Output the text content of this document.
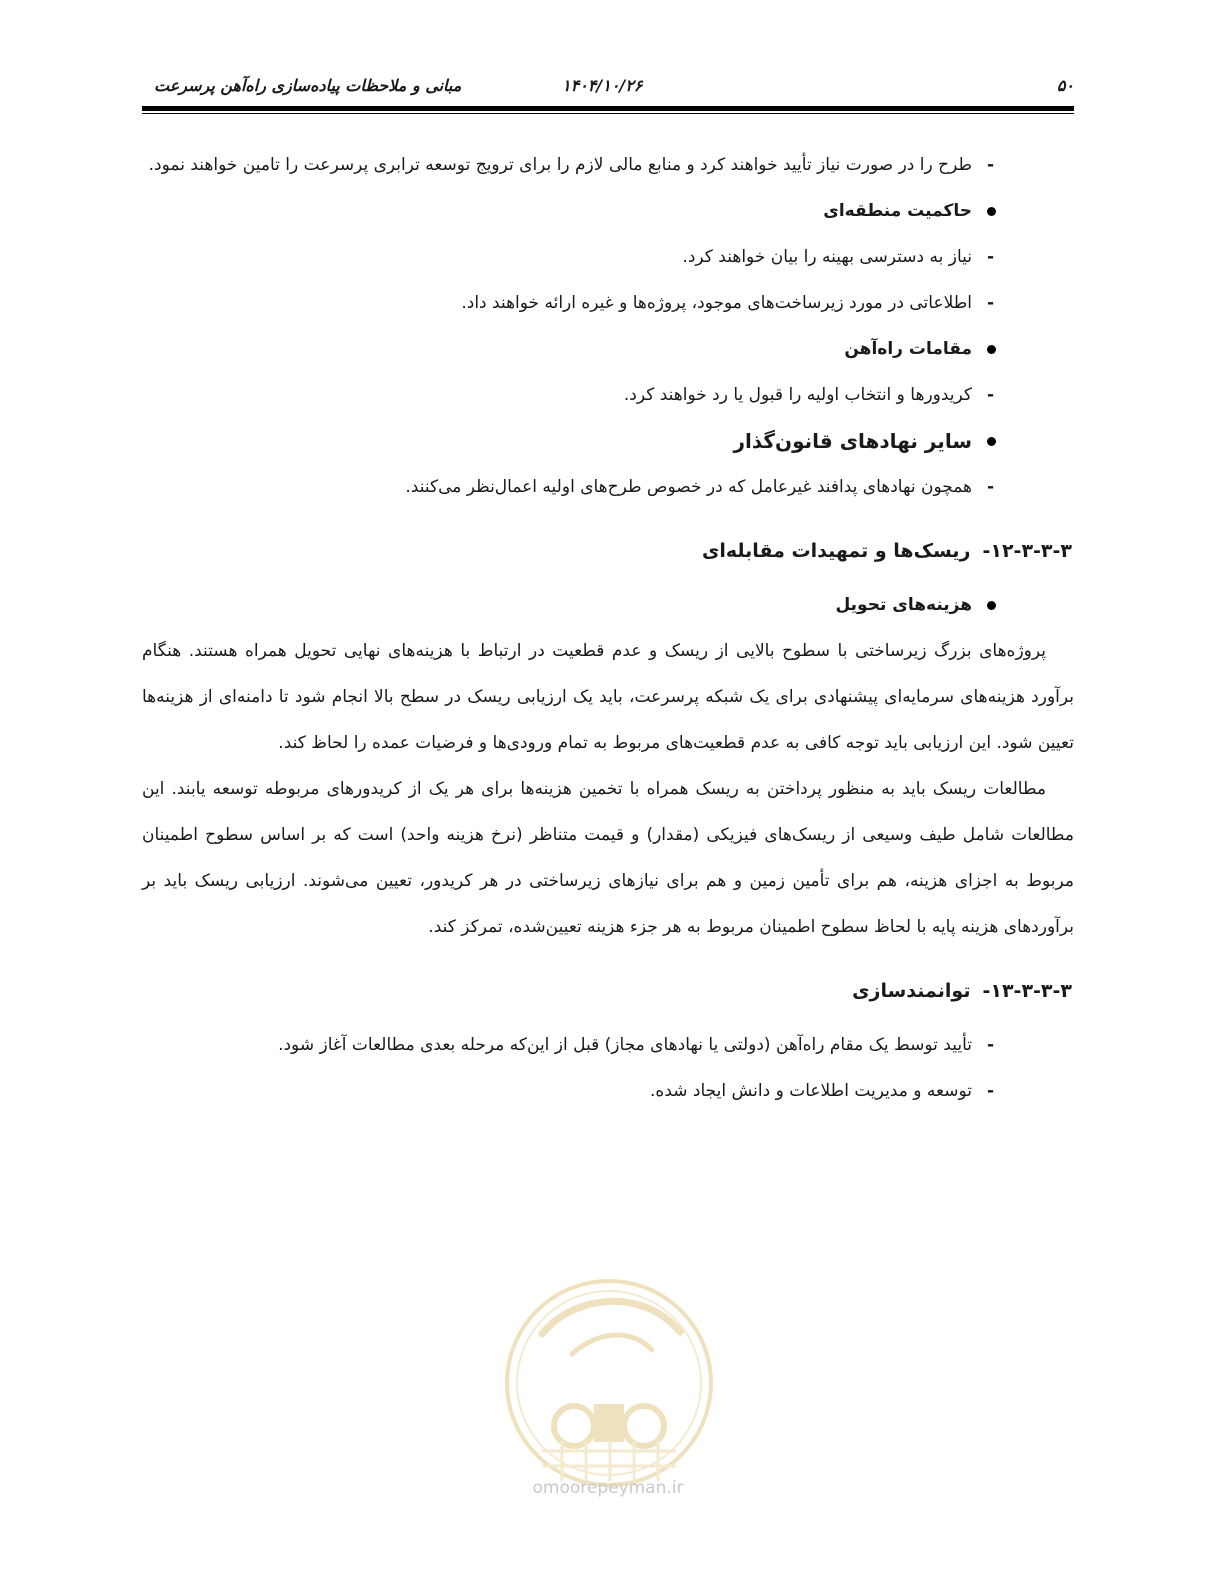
۵۰
۱۴۰۴/۱۰/۲۶
مبانی و ملاحظات پیاده‌سازی راه‌آهن پرسرعت

- طرح را در صورت نیاز تأیید خواهند کرد و منابع مالی لازم را برای ترویج توسعه ترابری پرسرعت را تامین خواهند نمود.

حاکمیت منطقه‌ای

- نیاز به دسترسی بهینه را بیان خواهند کرد.

- اطلاعاتی در مورد زیرساخت‌های موجود، پروژه‌ها و غیره ارائه خواهند داد.

مقامات راه‌آهن

- کریدورها و انتخاب اولیه را قبول یا رد خواهند کرد.

سایر نهادهای قانون‌گذار

- همچون نهادهای پدافند غیرعامل که در خصوص طرح‌های اولیه اعمال‌نظر می‌کنند.

۱۲-۳-۳-۳-ریسک‌ها و تمهیدات مقابله‌ای

هزینه‌های تحویل

پروژه‌های بزرگ زیرساختی با سطوح بالایی از ریسک و عدم قطعیت در ارتباط با هزینه‌های نهایی تحویل همراه هستند. هنگام برآورد هزینه‌های سرمایه‌ای پیشنهادی برای یک شبکه پرسرعت، باید یک ارزیابی ریسک در سطح بالا انجام شود تا دامنه‌ای از هزینه‌ها تعیین شود. این ارزیابی باید توجه کافی به عدم قطعیت‌های مربوط به تمام ورودی‌ها و فرضیات عمده را لحاظ کند.

مطالعات ریسک باید به منظور پرداختن به ریسک همراه با تخمین هزینه‌ها برای هر یک از کریدورهای مربوطه توسعه یابند. این مطالعات شامل طیف وسیعی از ریسک‌های فیزیکی (مقدار) و قیمت متناظر (نرخ هزینه واحد) است که بر اساس سطوح اطمینان مربوط به اجزای هزینه، هم برای تأمین زمین و هم برای نیازهای زیرساختی در هر کریدور، تعیین می‌شوند. ارزیابی ریسک باید بر برآوردهای هزینه پایه با لحاظ سطوح اطمینان مربوط به هر جزء هزینه تعیین‌شده، تمرکز کند.

۱۳-۳-۳-۳-توانمندسازی

- تأیید توسط یک مقام راه‌آهن (دولتی یا نهادهای مجاز) قبل از این‌که مرحله بعدی مطالعات آغاز شود.

- توسعه و مدیریت اطلاعات و دانش ایجاد شده.

omoorepeyman.ir
